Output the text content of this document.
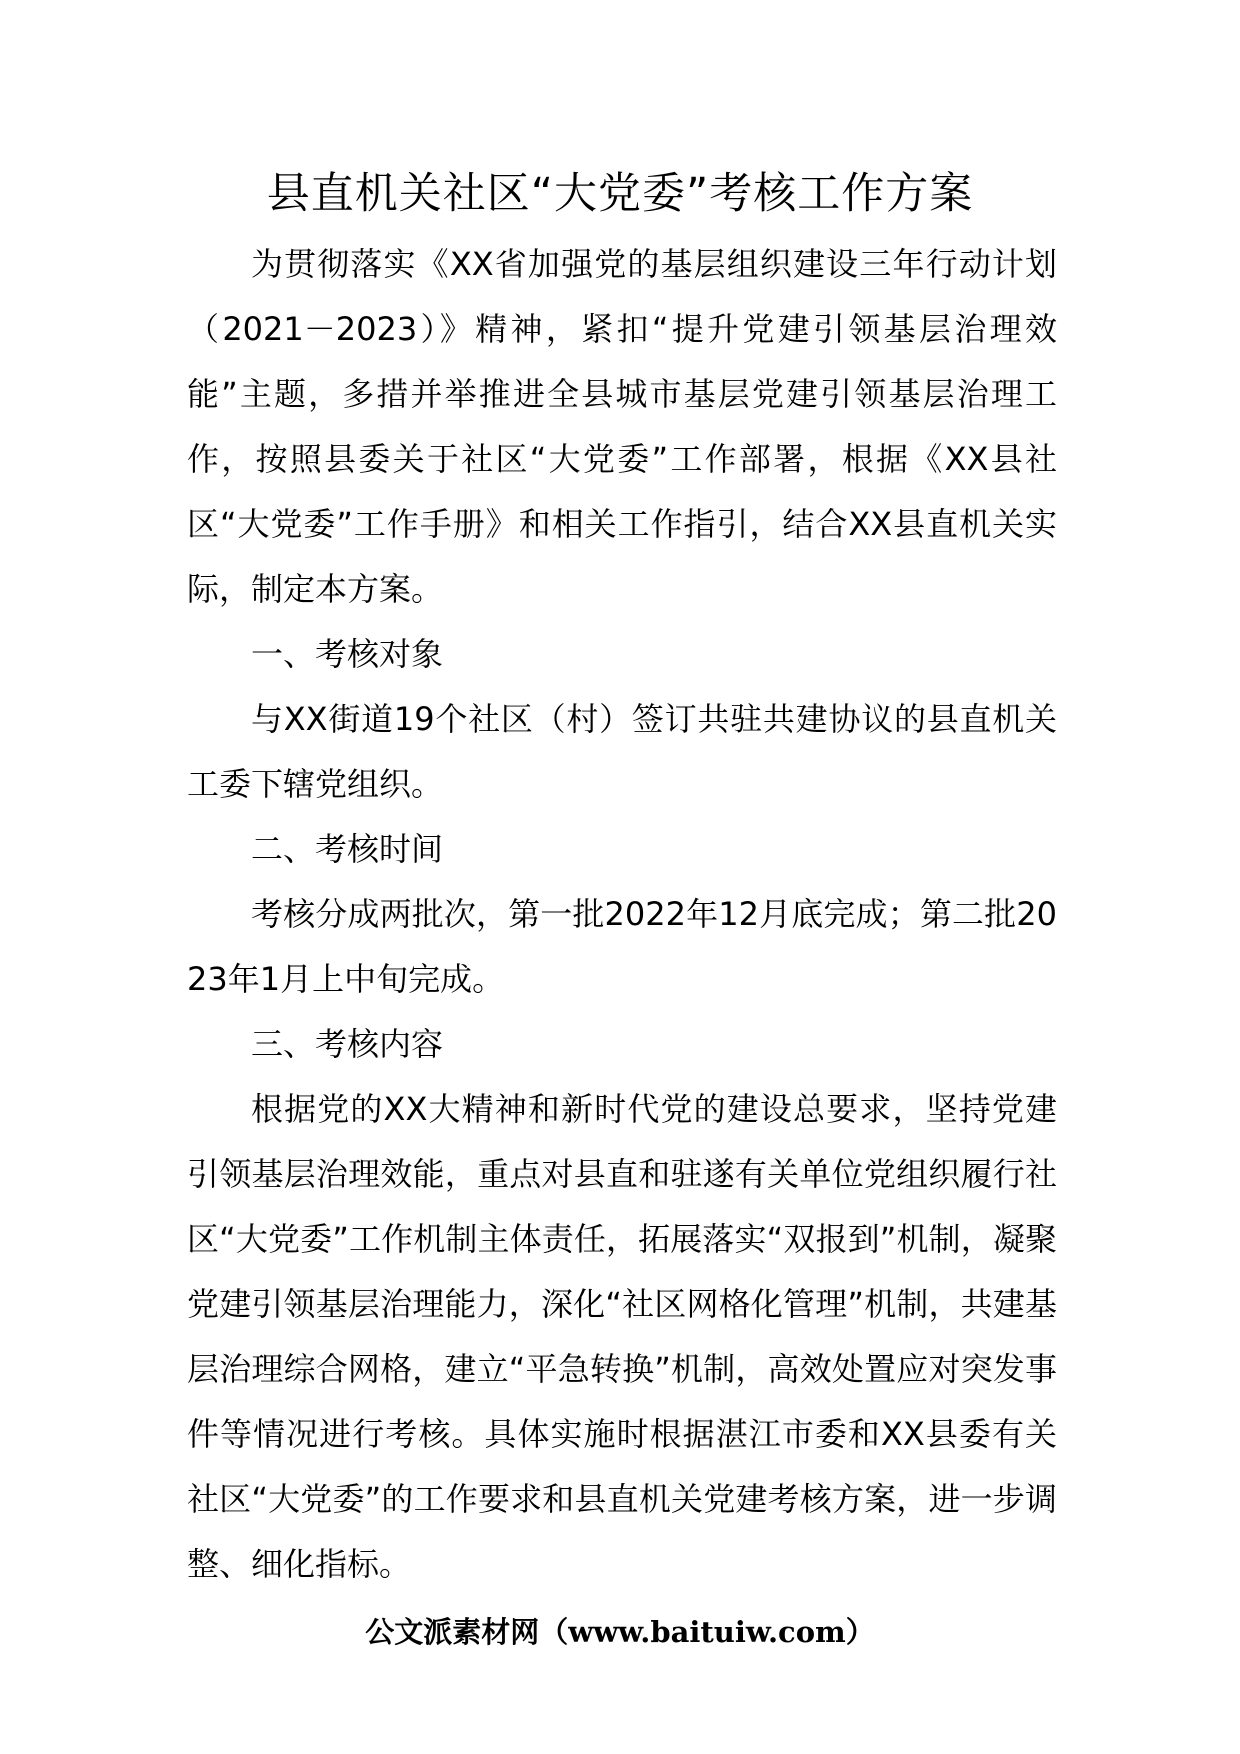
县直机关社区“大党委”考核工作方案

为贯彻落实《XX省加强党的基层组织建设三年行动计划（2021－2023）》精神，紧扣“提升党建引领基层治理效能”主题，多措并举推进全县城市基层党建引领基层治理工作，按照县委关于社区“大党委”工作部署，根据《XX县社区“大党委”工作手册》和相关工作指引，结合XX县直机关实际，制定本方案。

一、考核对象

与XX街道19个社区（村）签订共驻共建协议的县直机关工委下辖党组织。

二、考核时间

考核分成两批次，第一批2022年12月底完成；第二批2023年1月上中旬完成。

三、考核内容

根据党的XX大精神和新时代党的建设总要求，坚持党建引领基层治理效能，重点对县直和驻遂有关单位党组织履行社区“大党委”工作机制主体责任，拓展落实“双报到”机制，凝聚党建引领基层治理能力，深化“社区网格化管理”机制，共建基层治理综合网格，建立“平急转换”机制，高效处置应对突发事件等情况进行考核。具体实施时根据湛江市委和XX县委有关社区“大党委”的工作要求和县直机关党建考核方案，进一步调整、细化指标。

公文派素材网（www.baituiw.com）
